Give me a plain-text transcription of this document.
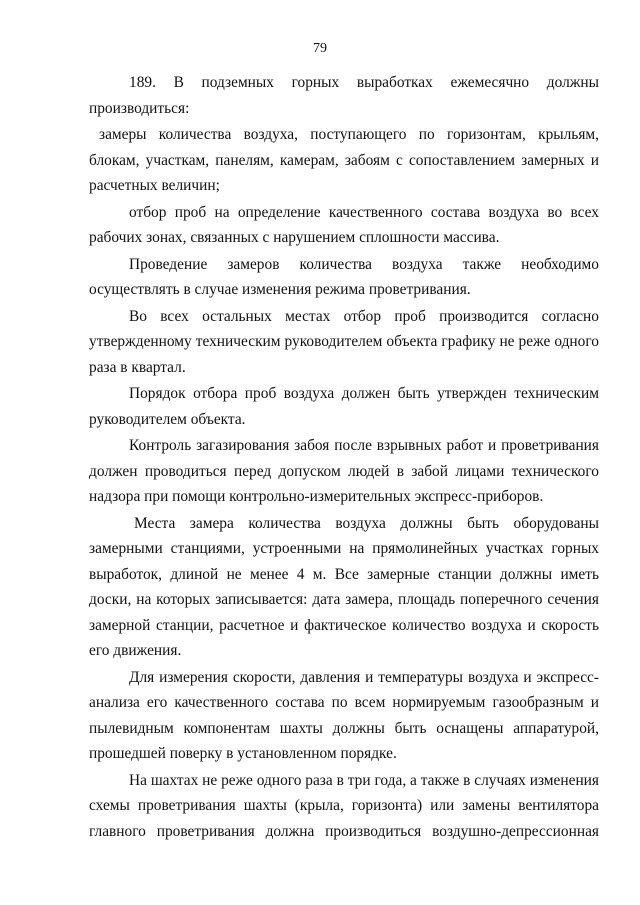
79

189. В подземных горных выработках ежемесячно должны производиться:

замеры количества воздуха, поступающего по горизонтам, крыльям, блокам, участкам, панелям, камерам, забоям с сопоставлением замерных и расчетных величин;

отбор проб на определение качественного состава воздуха во всех рабочих зонах, связанных с нарушением сплошности массива.

Проведение замеров количества воздуха также необходимо осуществлять в случае изменения режима проветривания.

Во всех остальных местах отбор проб производится согласно утвержденному техническим руководителем объекта графику не реже одного раза в квартал.

Порядок отбора проб воздуха должен быть утвержден техническим руководителем объекта.

Контроль загазирования забоя после взрывных работ и проветривания должен проводиться перед допуском людей в забой лицами технического надзора при помощи контрольно-измерительных экспресс-приборов.

Места замера количества воздуха должны быть оборудованы замерными станциями, устроенными на прямолинейных участках горных выработок, длиной не менее 4 м. Все замерные станции должны иметь доски, на которых записывается: дата замера, площадь поперечного сечения замерной станции, расчетное и фактическое количество воздуха и скорость его движения.

Для измерения скорости, давления и температуры воздуха и экспресс-анализа его качественного состава по всем нормируемым газообразным и пылевидным компонентам шахты должны быть оснащены аппаратурой, прошедшей поверку в установленном порядке.

На шахтах не реже одного раза в три года, а также в случаях изменения схемы проветривания шахты (крыла, горизонта) или замены вентилятора главного проветривания должна производиться воздушно-депрессионная
